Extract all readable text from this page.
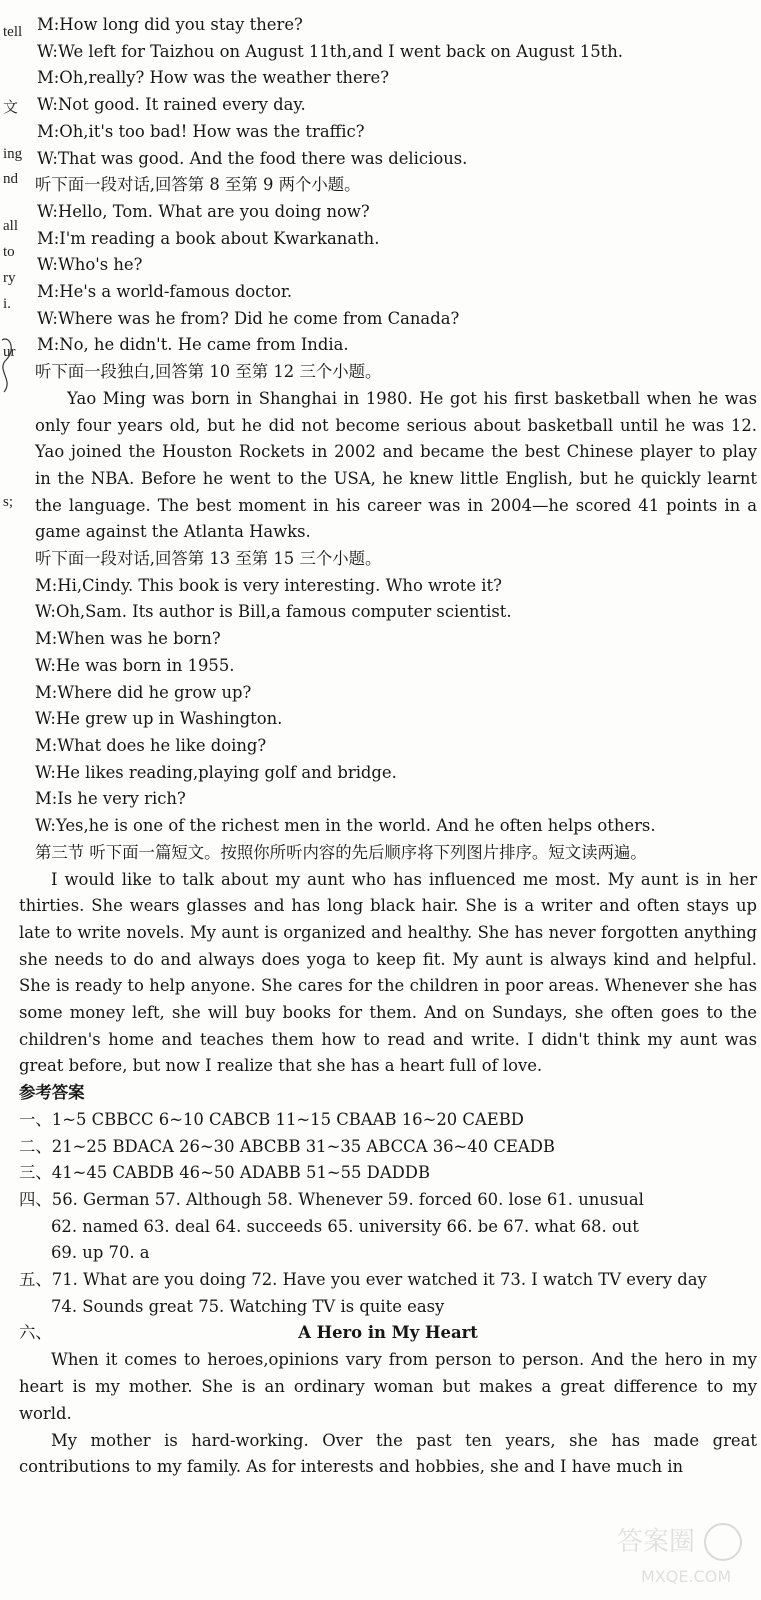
tell
文
ing
nd
all
to
ry
i.
ur
s;
M:How long did you stay there?
W:We left for Taizhou on August 11th,and I went back on August 15th.
M:Oh,really? How was the weather there?
W:Not good. It rained every day.
M:Oh,it's too bad! How was the traffic?
W:That was good. And the food there was delicious.
听下面一段对话,回答第 8 至第 9 两个小题。
W:Hello, Tom. What are you doing now?
M:I'm reading a book about Kwarkanath.
W:Who's he?
M:He's a world-famous doctor.
W:Where was he from? Did he come from Canada?
M:No, he didn't. He came from India.
听下面一段独白,回答第 10 至第 12 三个小题。

Yao Ming was born in Shanghai in 1980. He got his first basketball when he was only four years old, but he did not become serious about basketball until he was 12. Yao joined the Houston Rockets in 2002 and became the best Chinese player to play in the NBA. Before he went to the USA, he knew little English, but he quickly learnt the language. The best moment in his career was in 2004—he scored 41 points in a game against the Atlanta Hawks.

听下面一段对话,回答第 13 至第 15 三个小题。
M:Hi,Cindy. This book is very interesting. Who wrote it?
W:Oh,Sam. Its author is Bill,a famous computer scientist.
M:When was he born?
W:He was born in 1955.
M:Where did he grow up?
W:He grew up in Washington.
M:What does he like doing?
W:He likes reading,playing golf and bridge.
M:Is he very rich?
W:Yes,he is one of the richest men in the world. And he often helps others.

第三节 听下面一篇短文。按照你所听内容的先后顺序将下列图片排序。短文读两遍。

I would like to talk about my aunt who has influenced me most. My aunt is in her thirties. She wears glasses and has long black hair. She is a writer and often stays up late to write novels. My aunt is organized and healthy. She has never forgotten anything she needs to do and always does yoga to keep fit. My aunt is always kind and helpful. She is ready to help anyone. She cares for the children in poor areas. Whenever she has some money left, she will buy books for them. And on Sundays, she often goes to the children's home and teaches them how to read and write. I didn't think my aunt was great before, but now I realize that she has a heart full of love.

参考答案
一、1~5 CBBCC 6~10 CABCB 11~15 CBAAB 16~20 CAEBD
二、21~25 BDACA 26~30 ABCBB 31~35 ABCCA 36~40 CEADB
三、41~45 CABDB 46~50 ADABB 51~55 DADDB
四、56. German 57. Although 58. Whenever 59. forced 60. lose 61. unusual
62. named 63. deal 64. succeeds 65. university 66. be 67. what 68. out
69. up 70. a
五、71. What are you doing 72. Have you ever watched it 73. I watch TV every day
74. Sounds great 75. Watching TV is quite easy
六、	A Hero in My Heart

When it comes to heroes,opinions vary from person to person. And the hero in my heart is my mother. She is an ordinary woman but makes a great difference to my world.

My mother is hard-working. Over the past ten years, she has made great contributions to my family. As for interests and hobbies, she and I have much in

答案圈
MXQE.COM
